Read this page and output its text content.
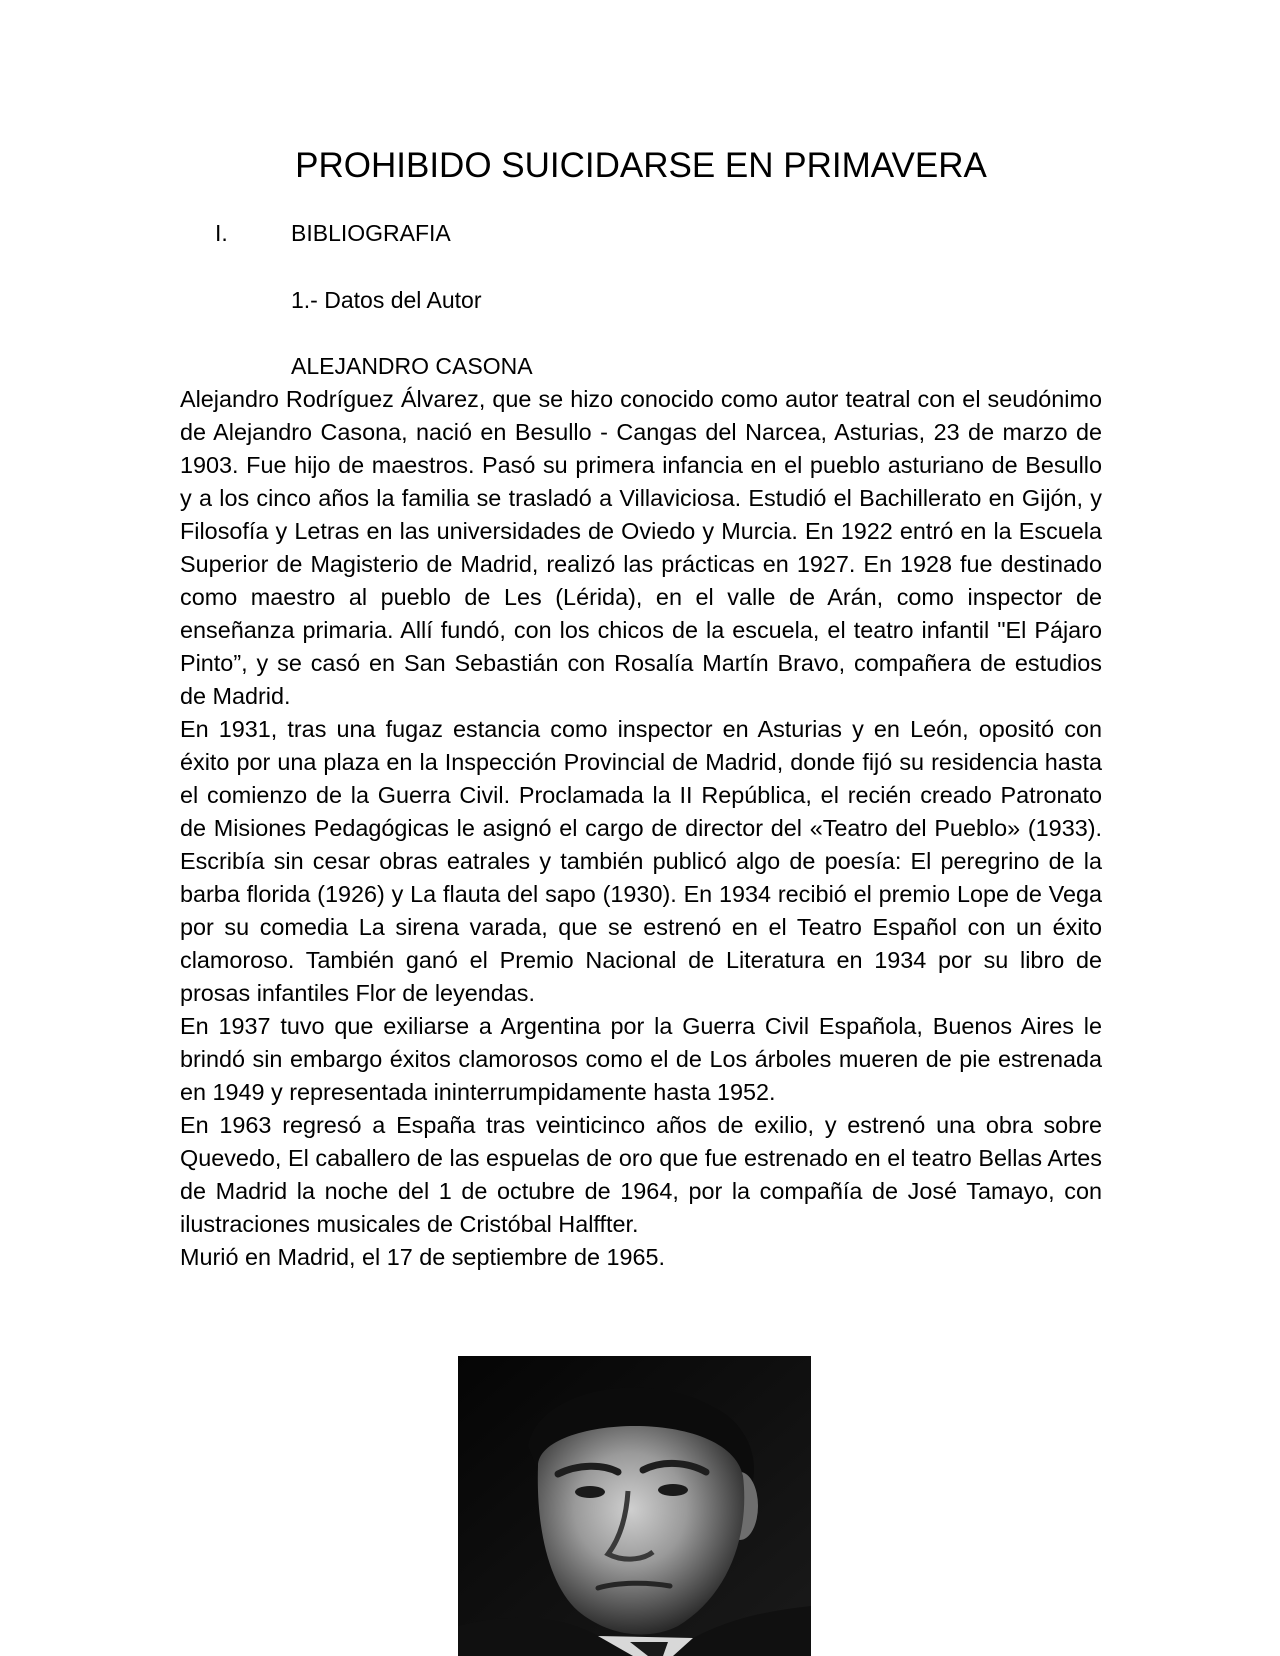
PROHIBIDO SUICIDARSE EN PRIMAVERA
I.	BIBLIOGRAFIA
1.- Datos del Autor
ALEJANDRO CASONA

Alejandro Rodríguez Álvarez, que se hizo conocido como autor teatral con el seudónimo de Alejandro Casona, nació en Besullo - Cangas del Narcea, Asturias, 23 de marzo de 1903. Fue hijo de maestros. Pasó su primera infancia en el pueblo asturiano de Besullo y a los cinco años la familia se trasladó a Villaviciosa. Estudió el Bachillerato en Gijón, y Filosofía y Letras en las universidades de Oviedo y Murcia. En 1922 entró en la Escuela Superior de Magisterio de Madrid, realizó las prácticas en 1927. En 1928 fue destinado como maestro al pueblo de Les (Lérida), en el valle de Arán, como inspector de enseñanza primaria. Allí fundó, con los chicos de la escuela, el teatro infantil "El Pájaro Pinto”, y se casó en San Sebastián con Rosalía Martín Bravo, compañera de estudios de Madrid.

En 1931, tras una fugaz estancia como inspector en Asturias y en León, opositó con éxito por una plaza en la Inspección Provincial de Madrid, donde fijó su residencia hasta el comienzo de la Guerra Civil. Proclamada la II República, el recién creado Patronato de Misiones Pedagógicas le asignó el cargo de director del «Teatro del Pueblo» (1933). Escribía sin cesar obras eatrales y también publicó algo de poesía: El peregrino de la barba florida (1926) y La flauta del sapo (1930). En 1934 recibió el premio Lope de Vega por su comedia La sirena varada, que se estrenó en el Teatro Español con un éxito clamoroso. También ganó el Premio Nacional de Literatura en 1934 por su libro de prosas infantiles Flor de leyendas.

En 1937 tuvo que exiliarse a Argentina por la Guerra Civil Española, Buenos Aires le brindó sin embargo éxitos clamorosos como el de Los árboles mueren de pie estrenada en 1949 y representada ininterrumpidamente hasta 1952.

En 1963 regresó a España tras veinticinco años de exilio, y estrenó una obra sobre Quevedo, El caballero de las espuelas de oro que fue estrenado en el teatro Bellas Artes de Madrid la noche del 1 de octubre de 1964, por la compañía de José Tamayo, con ilustraciones musicales de Cristóbal Halffter.

Murió en Madrid, el 17 de septiembre de 1965.
